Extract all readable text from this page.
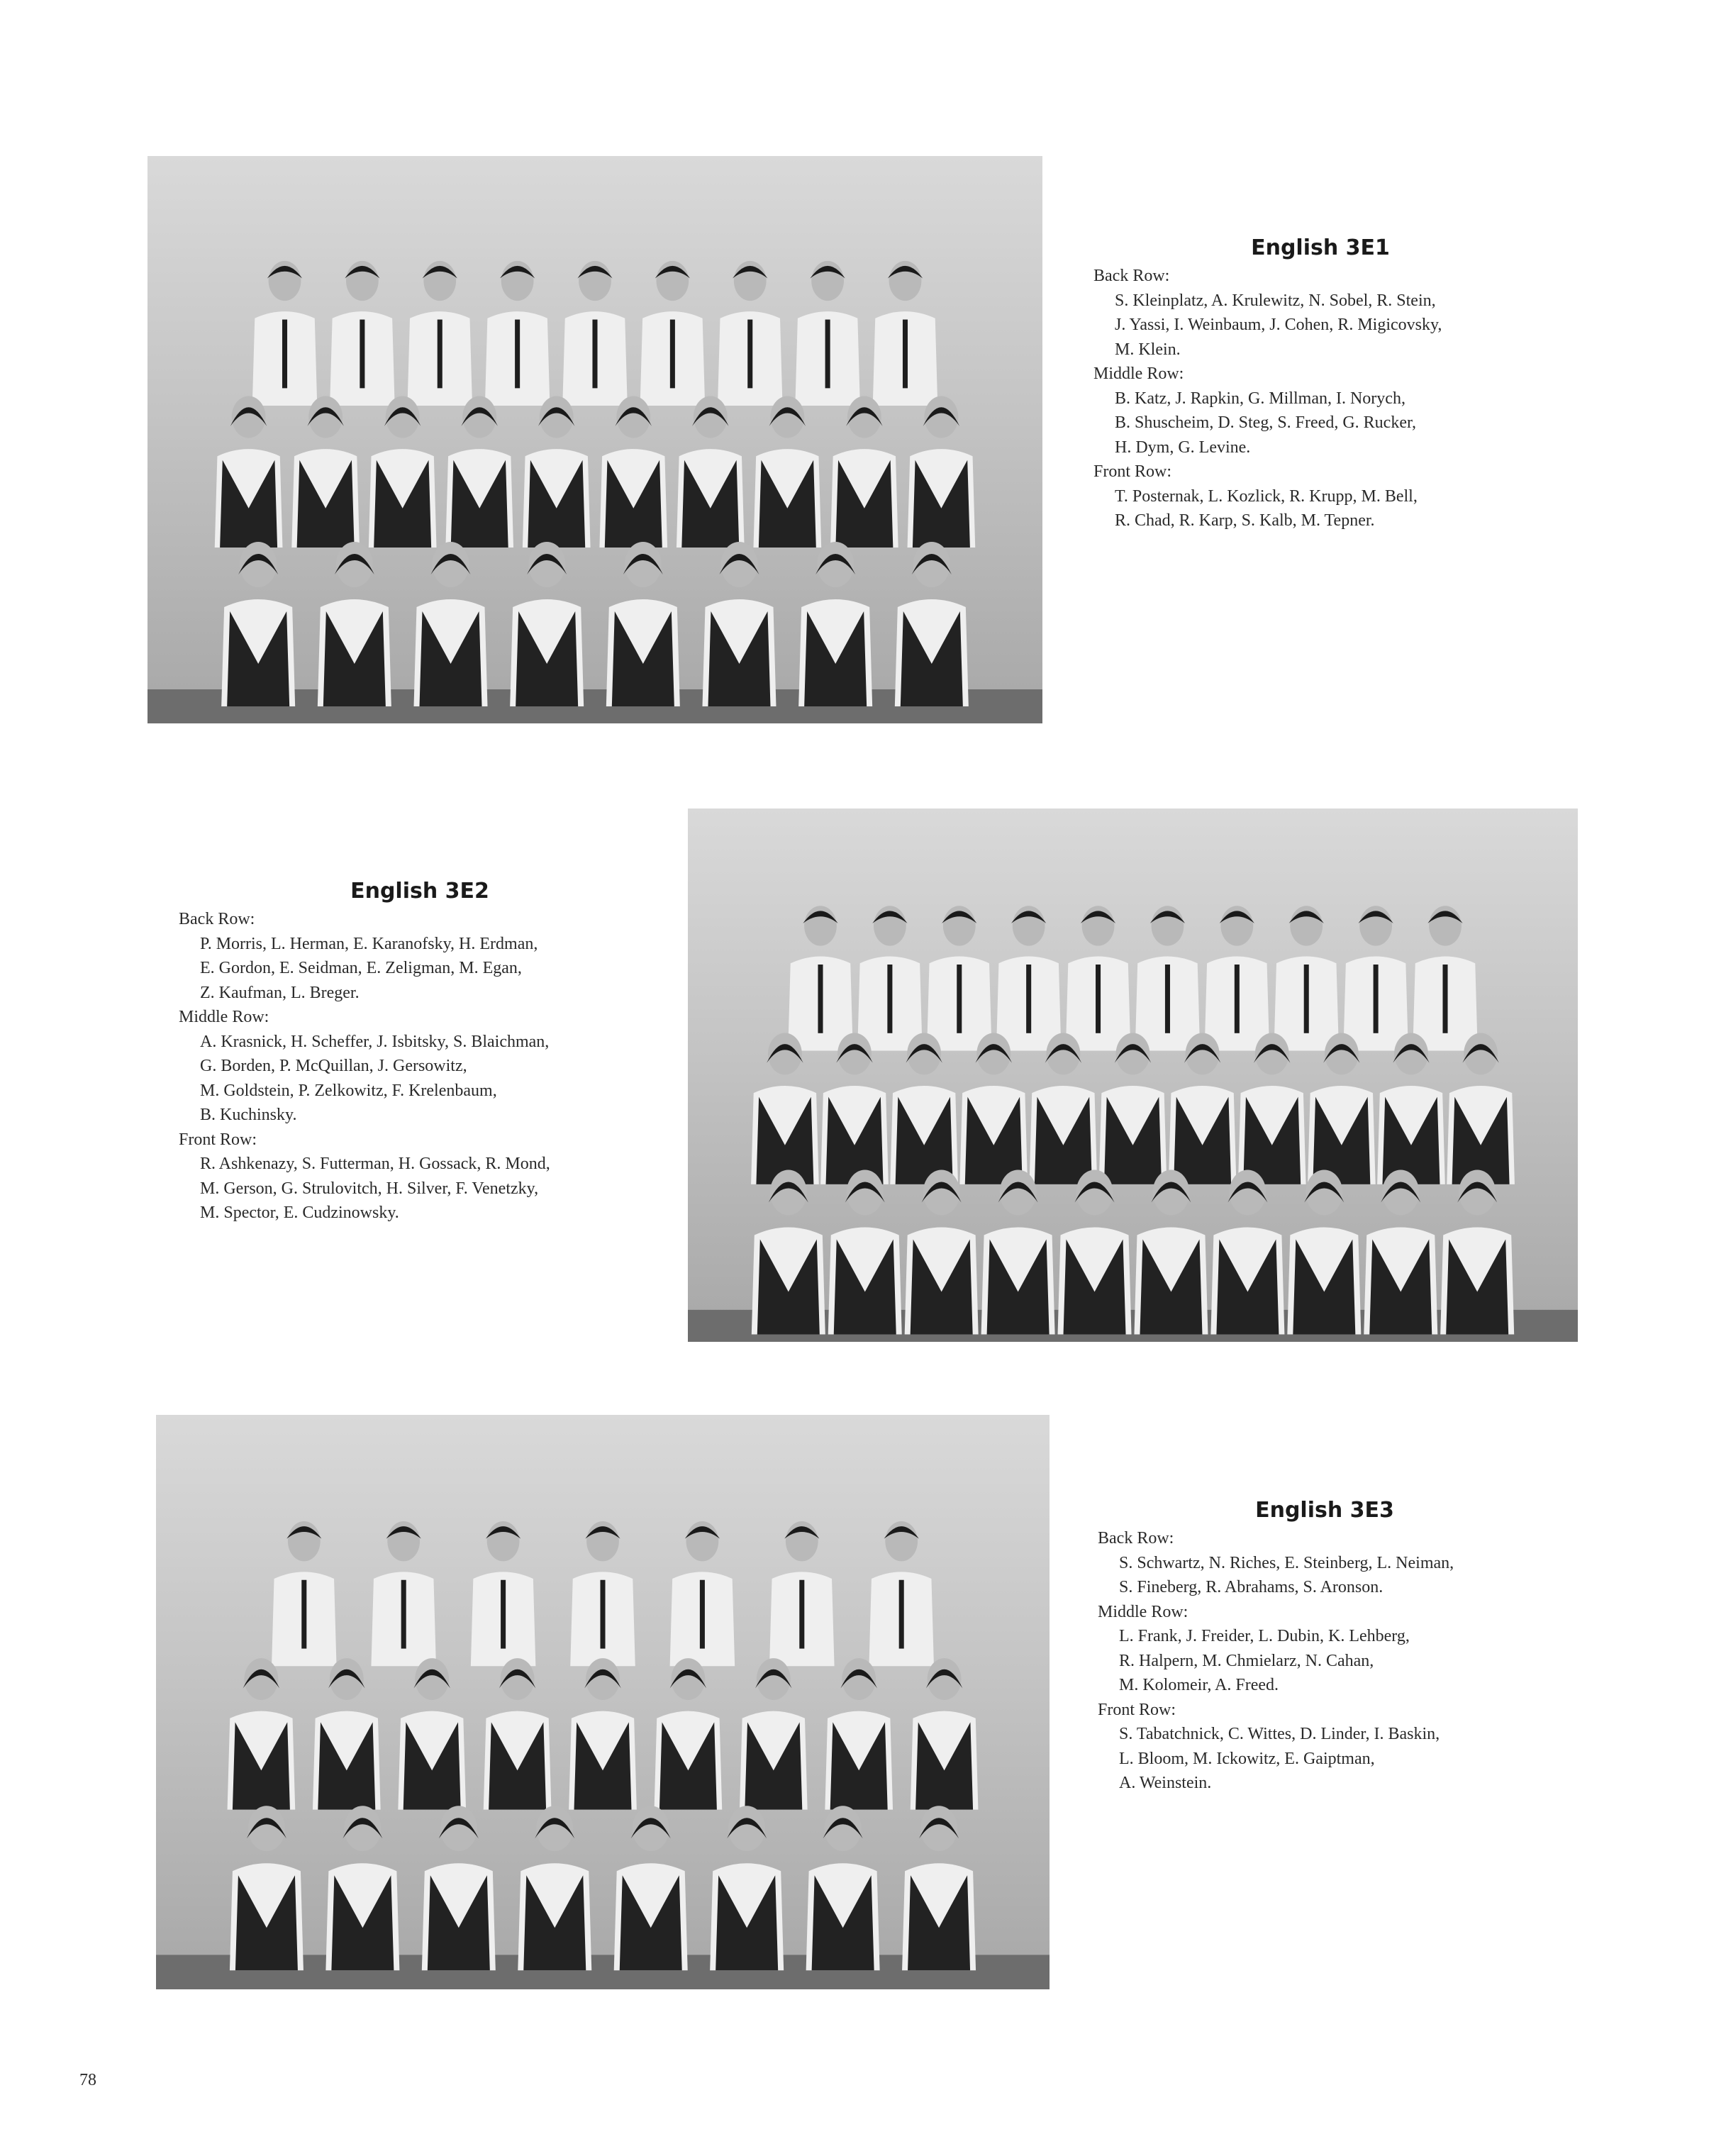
English 3E1
Back Row:
S. Kleinplatz, A. Krulewitz, N. Sobel, R. Stein,
J. Yassi, I. Weinbaum, J. Cohen, R. Migicovsky,
M. Klein.
Middle Row:
B. Katz, J. Rapkin, G. Millman, I. Norych,
B. Shuscheim, D. Steg, S. Freed, G. Rucker,
H. Dym, G. Levine.
Front Row:
T. Posternak, L. Kozlick, R. Krupp, M. Bell,
R. Chad, R. Karp, S. Kalb, M. Tepner.
English 3E2
Back Row:
P. Morris, L. Herman, E. Karanofsky, H. Erdman,
E. Gordon, E. Seidman, E. Zeligman, M. Egan,
Z. Kaufman, L. Breger.
Middle Row:
A. Krasnick, H. Scheffer, J. Isbitsky, S. Blaichman,
G. Borden, P. McQuillan, J. Gersowitz,
M. Goldstein, P. Zelkowitz, F. Krelenbaum,
B. Kuchinsky.
Front Row:
R. Ashkenazy, S. Futterman, H. Gossack, R. Mond,
M. Gerson, G. Strulovitch, H. Silver, F. Venetzky,
M. Spector, E. Cudzinowsky.
English 3E3
Back Row:
S. Schwartz, N. Riches, E. Steinberg, L. Neiman,
S. Fineberg, R. Abrahams, S. Aronson.
Middle Row:
L. Frank, J. Freider, L. Dubin, K. Lehberg,
R. Halpern, M. Chmielarz, N. Cahan,
M. Kolomeir, A. Freed.
Front Row:
S. Tabatchnick, C. Wittes, D. Linder, I. Baskin,
L. Bloom, M. Ickowitz, E. Gaiptman,
A. Weinstein.
78
